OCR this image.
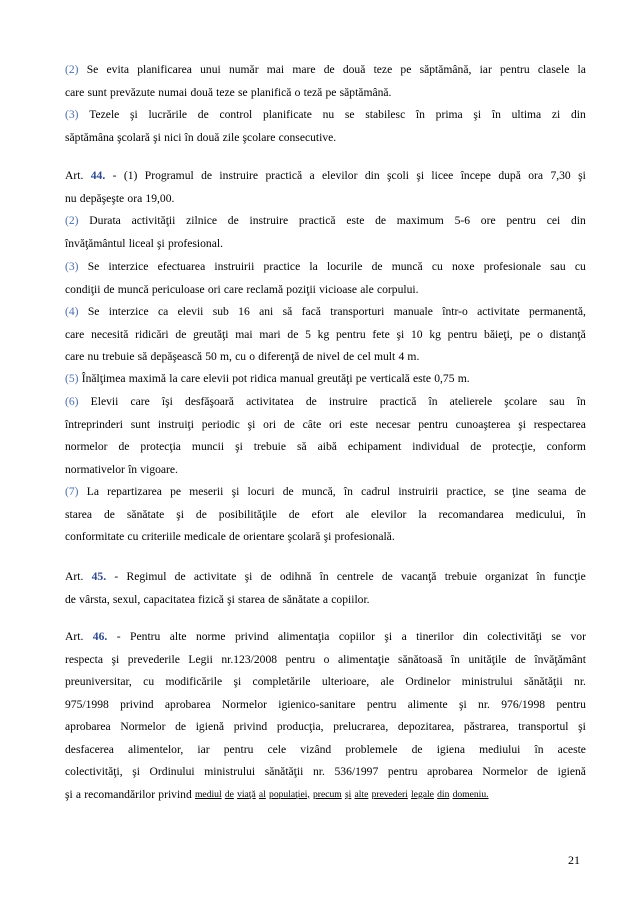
(2) Se evita planificarea unui număr mai mare de două teze pe săptămână, iar pentru clasele la
care sunt prevăzute numai două teze se planifică o teză pe săptămână.
(3) Tezele şi lucrările de control planificate nu se stabilesc în prima şi în ultima zi din
săptămâna şcolară şi nici în două zile şcolare consecutive.
Art. 44. - (1) Programul de instruire practică a elevilor din şcoli şi licee începe după ora 7,30 şi
nu depăşeşte ora 19,00.
(2) Durata activităţii zilnice de instruire practică este de maximum 5-6 ore pentru cei din
învăţământul liceal şi profesional.
(3) Se interzice efectuarea instruirii practice la locurile de muncă cu noxe profesionale sau cu
condiţii de muncă periculoase ori care reclamă poziţii vicioase ale corpului.
(4) Se interzice ca elevii sub 16 ani să facă transporturi manuale într-o activitate permanentă,
care necesită ridicări de greutăţi mai mari de 5 kg pentru fete şi 10 kg pentru băieţi, pe o distanţă
care nu trebuie să depăşească 50 m, cu o diferenţă de nivel de cel mult 4 m.
(5) Înălţimea maximă la care elevii pot ridica manual greutăţi pe verticală este 0,75 m.
(6) Elevii care îşi desfăşoară activitatea de instruire practică în atelierele şcolare sau în
întreprinderi sunt instruiţi periodic şi ori de câte ori este necesar pentru cunoaşterea şi respectarea
normelor de protecţia muncii şi trebuie să aibă echipament individual de protecţie, conform
normativelor în vigoare.
(7) La repartizarea pe meserii şi locuri de muncă, în cadrul instruirii practice, se ţine seama de
starea de sănătate şi de posibilităţile de efort ale elevilor la recomandarea medicului, în
conformitate cu criteriile medicale de orientare şcolară şi profesională.
Art. 45. - Regimul de activitate şi de odihnă în centrele de vacanţă trebuie organizat în funcţie
de vârsta, sexul, capacitatea fizică şi starea de sănătate a copiilor.
Art. 46. - Pentru alte norme privind alimentaţia copiilor şi a tinerilor din colectivităţi se vor
respecta şi prevederile Legii nr.123/2008 pentru o alimentaţie sănătoasă în unităţile de învăţământ
preuniversitar, cu modificările şi completările ulterioare, ale Ordinelor ministrului sănătăţii nr.
975/1998 privind aprobarea Normelor igienico-sanitare pentru alimente şi nr. 976/1998 pentru
aprobarea Normelor de igienă privind producţia, prelucrarea, depozitarea, păstrarea, transportul şi
desfacerea alimentelor, iar pentru cele vizând problemele de igiena mediului în aceste
colectivităţi, şi Ordinului ministrului sănătăţii nr. 536/1997 pentru aprobarea Normelor de igienă
şi a recomandărilor privind mediul de viaţă al populaţiei, precum şi alte prevederi legale din domeniu.
21
